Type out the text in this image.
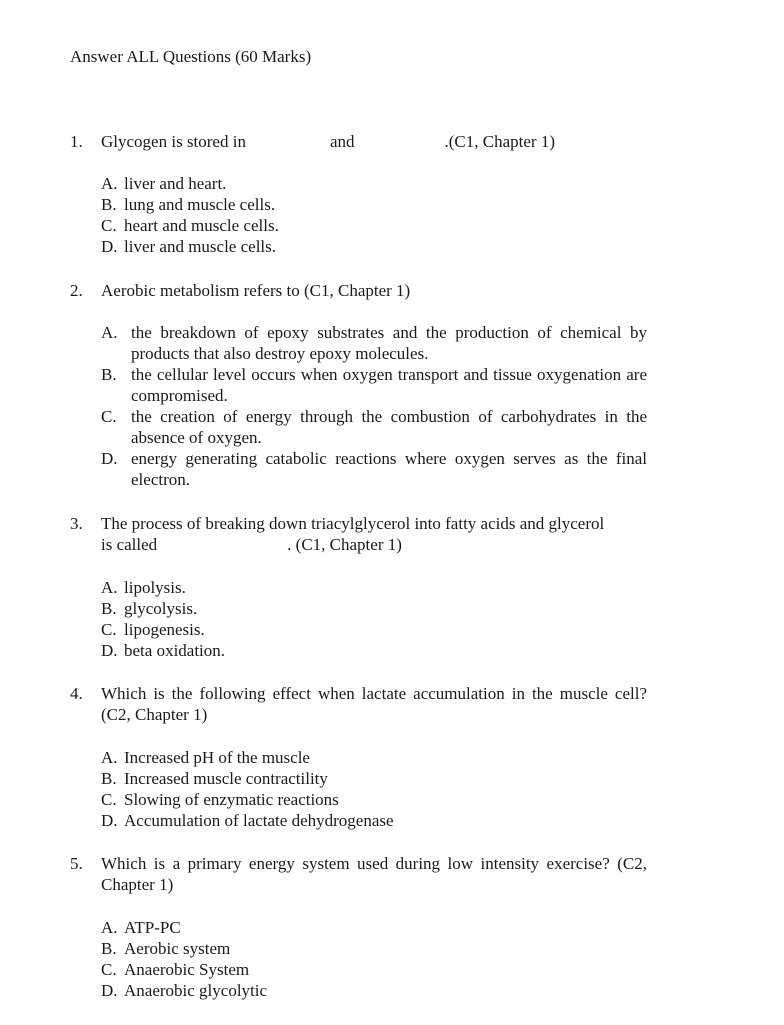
Answer ALL Questions (60 Marks)
1. Glycogen is stored in	and	.(C1, Chapter 1)
A. liver and heart.
B. lung and muscle cells.
C. heart and muscle cells.
D. liver and muscle cells.
2. Aerobic metabolism refers to (C1, Chapter 1)
A. the breakdown of epoxy substrates and the production of chemical by products that also destroy epoxy molecules.
B. the cellular level occurs when oxygen transport and tissue oxygenation are compromised.
C. the creation of energy through the combustion of carbohydrates in the absence of oxygen.
D. energy generating catabolic reactions where oxygen serves as the final electron.
3. The process of breaking down triacylglycerol into fatty acids and glycerol
is called	. (C1, Chapter 1)
A. lipolysis.
B. glycolysis.
C. lipogenesis.
D. beta oxidation.
4. Which is the following effect when lactate accumulation in the muscle cell? (C2, Chapter 1)
A. Increased pH of the muscle
B. Increased muscle contractility
C. Slowing of enzymatic reactions
D. Accumulation of lactate dehydrogenase
5. Which is a primary energy system used during low intensity exercise? (C2, Chapter 1)
A. ATP-PC
B. Aerobic system
C. Anaerobic System
D. Anaerobic glycolytic
